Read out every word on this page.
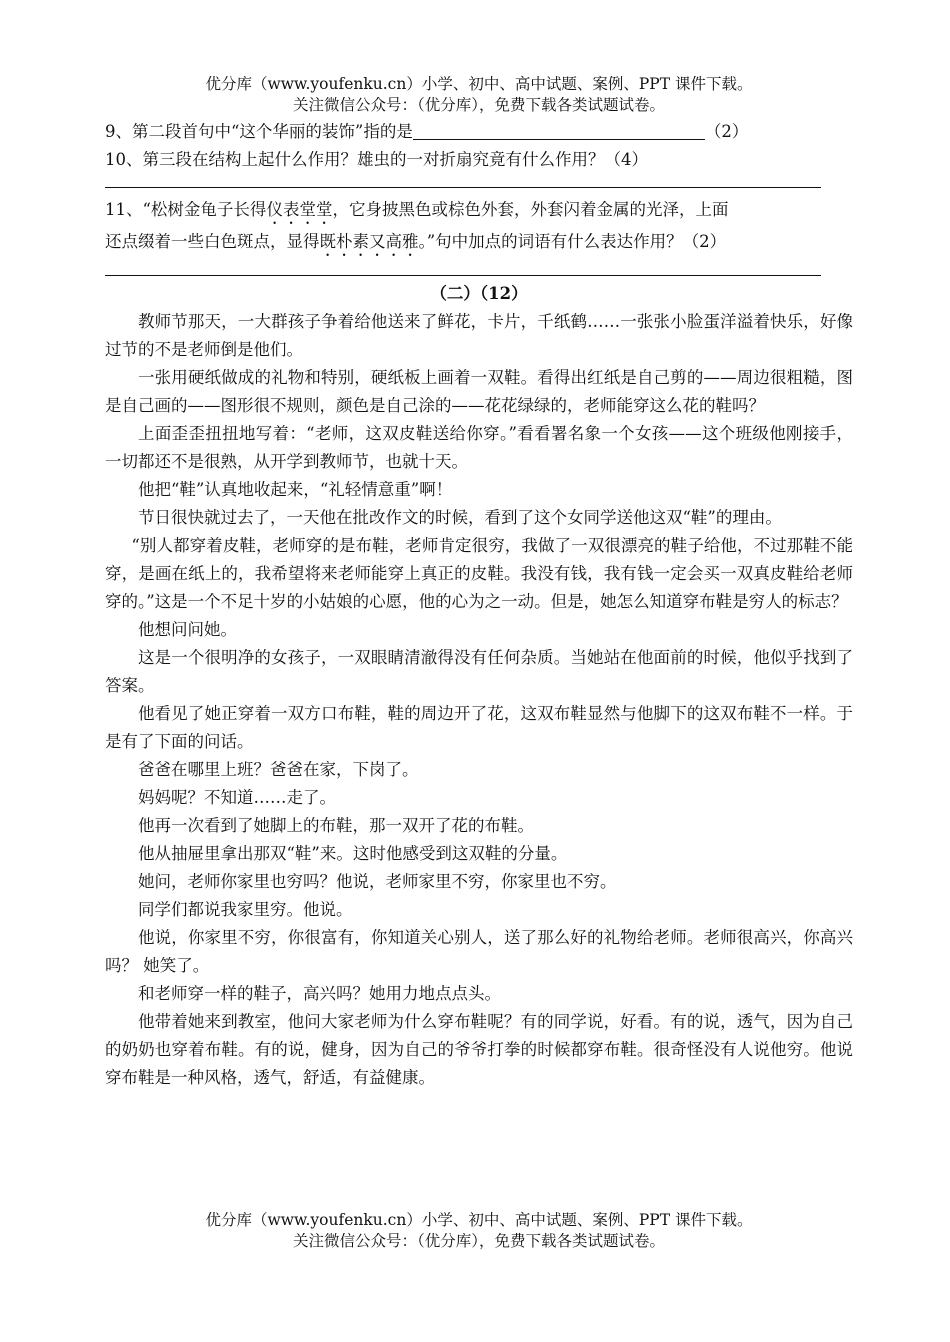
优分库（www.youfenku.cn）小学、初中、高中试题、案例、PPT 课件下载。
关注微信公众号：（优分库），免费下载各类试题试卷。
9、第二段首句中“这个华丽的装饰”指的是	（2）
10、第三段在结构上起什么作用？雄虫的一对折扇究竟有什么作用？（4）
11、“松树金龟子长得仪表堂堂，它身披黑色或棕色外套，外套闪着金属的光泽，上面
还点缀着一些白色斑点，显得既朴素又高雅。”句中加点的词语有什么表达作用？（2）
（二）（12）

教师节那天，一大群孩子争着给他送来了鲜花，卡片，千纸鹤……一张张小脸蛋洋溢着快乐，好像过节的不是老师倒是他们。

一张用硬纸做成的礼物和特别，硬纸板上画着一双鞋。看得出红纸是自己剪的——周边很粗糙，图是自己画的——图形很不规则，颜色是自己涂的——花花绿绿的，老师能穿这么花的鞋吗？

上面歪歪扭扭地写着：“老师，这双皮鞋送给你穿。”看看署名象一个女孩——这个班级他刚接手，一切都还不是很熟，从开学到教师节，也就十天。

他把“鞋”认真地收起来，“礼轻情意重”啊！

节日很快就过去了，一天他在批改作文的时候，看到了这个女同学送他这双“鞋”的理由。

“别人都穿着皮鞋，老师穿的是布鞋，老师肯定很穷，我做了一双很漂亮的鞋子给他，不过那鞋不能穿，是画在纸上的，我希望将来老师能穿上真正的皮鞋。我没有钱，我有钱一定会买一双真皮鞋给老师穿的。”这是一个不足十岁的小姑娘的心愿，他的心为之一动。但是，她怎么知道穿布鞋是穷人的标志？

他想问问她。

这是一个很明净的女孩子，一双眼睛清澈得没有任何杂质。当她站在他面前的时候，他似乎找到了答案。

他看见了她正穿着一双方口布鞋，鞋的周边开了花，这双布鞋显然与他脚下的这双布鞋不一样。于是有了下面的问话。

爸爸在哪里上班？爸爸在家，下岗了。

妈妈呢？不知道……走了。

他再一次看到了她脚上的布鞋，那一双开了花的布鞋。

他从抽屉里拿出那双“鞋”来。这时他感受到这双鞋的分量。

她问，老师你家里也穷吗？他说，老师家里不穷，你家里也不穷。

同学们都说我家里穷。他说。

他说，你家里不穷，你很富有，你知道关心别人，送了那么好的礼物给老师。老师很高兴，你高兴吗？ 她笑了。

和老师穿一样的鞋子，高兴吗？她用力地点点头。

他带着她来到教室，他问大家老师为什么穿布鞋呢？有的同学说，好看。有的说，透气，因为自己的奶奶也穿着布鞋。有的说，健身，因为自己的爷爷打拳的时候都穿布鞋。很奇怪没有人说他穷。他说穿布鞋是一种风格，透气，舒适，有益健康。

优分库（www.youfenku.cn）小学、初中、高中试题、案例、PPT 课件下载。
关注微信公众号：（优分库），免费下载各类试题试卷。
